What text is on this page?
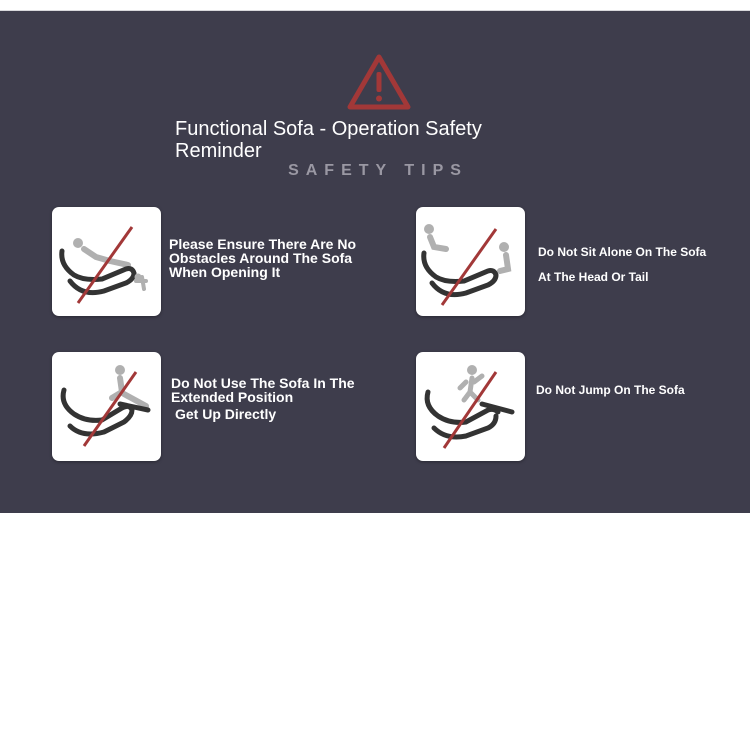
Functional Sofa - Operation Safety Reminder
SAFETY TIPS
Please Ensure There Are No
Obstacles Around The Sofa
When Opening It
Do Not Sit Alone On The Sofa
At The Head Or Tail
Do Not Use The Sofa In The
Extended Position
Get Up Directly
Do Not Jump On The Sofa
